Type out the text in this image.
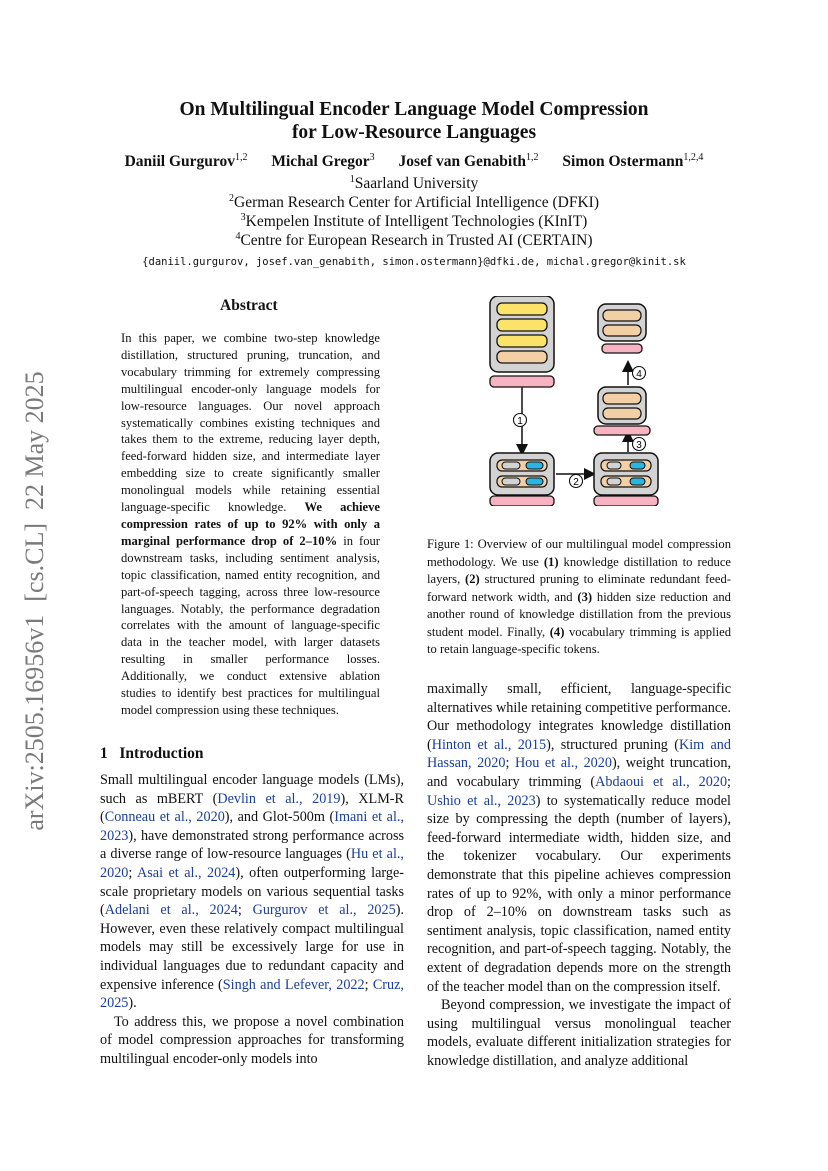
On Multilingual Encoder Language Model Compression
for Low-Resource Languages
Daniil Gurgurov$^{1,2}$ Michal Gregor$^3$ Josef van Genabith$^{1,2}$ Simon Ostermann$^{1,2,4}$
$^1$Saarland University
$^2$German Research Center for Artificial Intelligence (DFKI)
$^3$Kempelen Institute of Intelligent Technologies (KInIT)
$^4$Centre for European Research in Trusted AI (CERTAIN)
{daniil.gurgurov, josef.van_genabith, simon.ostermann}@dfki.de, michal.gregor@kinit.sk
arXiv:2505.16956v1  [cs.CL]  22 May 2025
Abstract
In this paper, we combine two-step knowledge distillation, structured pruning, truncation, and vocabulary trimming for extremely compressing multilingual encoder-only language models for low-resource languages. Our novel approach systematically combines existing techniques and takes them to the extreme, reducing layer depth, feed-forward hidden size, and intermediate layer embedding size to create significantly smaller monolingual models while retaining essential language-specific knowledge. We achieve compression rates of up to 92% with only a marginal performance drop of 2–10% in four downstream tasks, including sentiment analysis, topic classification, named entity recognition, and part-of-speech tagging, across three low-resource languages. Notably, the performance degradation correlates with the amount of language-specific data in the teacher model, with larger datasets resulting in smaller performance losses. Additionally, we conduct extensive ablation studies to identify best practices for multilingual model compression using these techniques.
1   Introduction

Small multilingual encoder language models (LMs), such as mBERT (Devlin et al., 2019), XLM-R (Conneau et al., 2020), and Glot-500m (Imani et al., 2023), have demonstrated strong performance across a diverse range of low-resource languages (Hu et al., 2020; Asai et al., 2024), often outperforming large-scale proprietary models on various sequential tasks (Adelani et al., 2024; Gurgurov et al., 2025). However, even these relatively compact multilingual models may still be excessively large for use in individual languages due to redundant capacity and expensive inference (Singh and Lefever, 2022; Cruz, 2025).

To address this, we propose a novel combination of model compression approaches for transforming multilingual encoder-only models into

maximally small, efficient, language-specific alternatives while retaining competitive performance. Our methodology integrates knowledge distillation (Hinton et al., 2015), structured pruning (Kim and Hassan, 2020; Hou et al., 2020), weight truncation, and vocabulary trimming (Abdaoui et al., 2020; Ushio et al., 2023) to systematically reduce model size by compressing the depth (number of layers), feed-forward intermediate width, hidden size, and the tokenizer vocabulary. Our experiments demonstrate that this pipeline achieves compression rates of up to 92%, with only a minor performance drop of 2–10% on downstream tasks such as sentiment analysis, topic classification, named entity recognition, and part-of-speech tagging. Notably, the extent of degradation depends more on the strength of the teacher model than on the compression itself.

Beyond compression, we investigate the impact of using multilingual versus monolingual teacher models, evaluate different initialization strategies for knowledge distillation, and analyze additional

1
2
3
4
Figure 1: Overview of our multilingual model compression methodology. We use (1) knowledge distillation to reduce layers, (2) structured pruning to eliminate redundant feed-forward network width, and (3) hidden size reduction and another round of knowledge distillation from the previous student model. Finally, (4) vocabulary trimming is applied to retain language-specific tokens.
